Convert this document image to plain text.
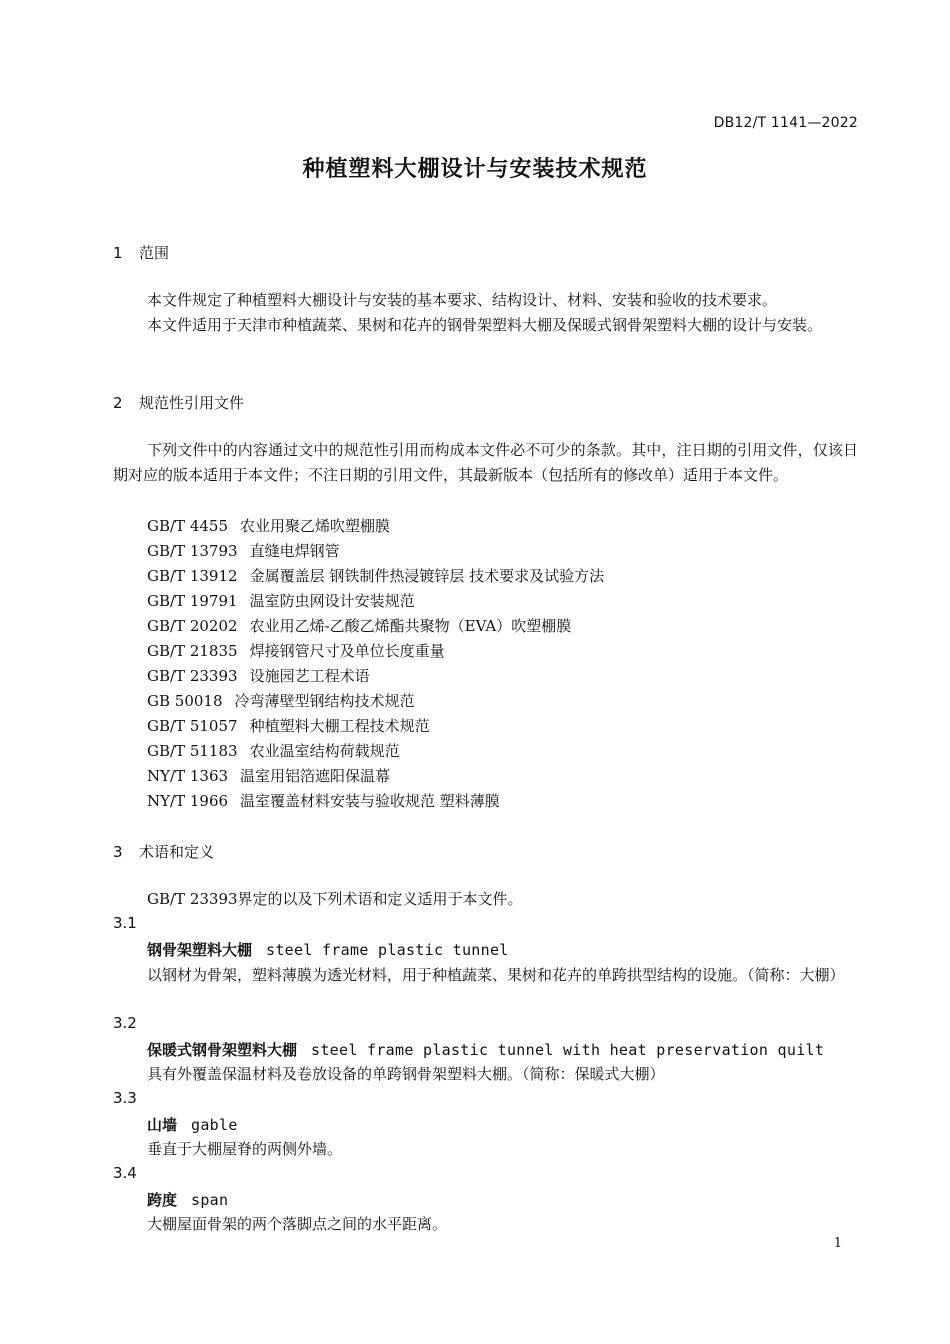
DB12/T 1141—2022
种植塑料大棚设计与安装技术规范
1 范围
本文件规定了种植塑料大棚设计与安装的基本要求、结构设计、材料、安装和验收的技术要求。
本文件适用于天津市种植蔬菜、果树和花卉的钢骨架塑料大棚及保暖式钢骨架塑料大棚的设计与安装。
2 规范性引用文件
下列文件中的内容通过文中的规范性引用而构成本文件必不可少的条款。其中，注日期的引用文件，仅该日期对应的版本适用于本文件；不注日期的引用文件，其最新版本（包括所有的修改单）适用于本文件。
GB/T 4455 农业用聚乙烯吹塑棚膜
GB/T 13793 直缝电焊钢管
GB/T 13912 金属覆盖层 钢铁制件热浸镀锌层 技术要求及试验方法
GB/T 19791 温室防虫网设计安装规范
GB/T 20202 农业用乙烯-乙酸乙烯酯共聚物（EVA）吹塑棚膜
GB/T 21835 焊接钢管尺寸及单位长度重量
GB/T 23393 设施园艺工程术语
GB 50018 冷弯薄壁型钢结构技术规范
GB/T 51057 种植塑料大棚工程技术规范
GB/T 51183 农业温室结构荷载规范
NY/T 1363 温室用铝箔遮阳保温幕
NY/T 1966 温室覆盖材料安装与验收规范 塑料薄膜
3 术语和定义
GB/T 23393界定的以及下列术语和定义适用于本文件。
3.1
钢骨架塑料大棚 steel frame plastic tunnel
以钢材为骨架，塑料薄膜为透光材料，用于种植蔬菜、果树和花卉的单跨拱型结构的设施。（简称：大棚）
3.2
保暖式钢骨架塑料大棚 steel frame plastic tunnel with heat preservation quilt
具有外覆盖保温材料及卷放设备的单跨钢骨架塑料大棚。（简称：保暖式大棚）
3.3
山墙 gable
垂直于大棚屋脊的两侧外墙。
3.4
跨度 span
大棚屋面骨架的两个落脚点之间的水平距离。
1
